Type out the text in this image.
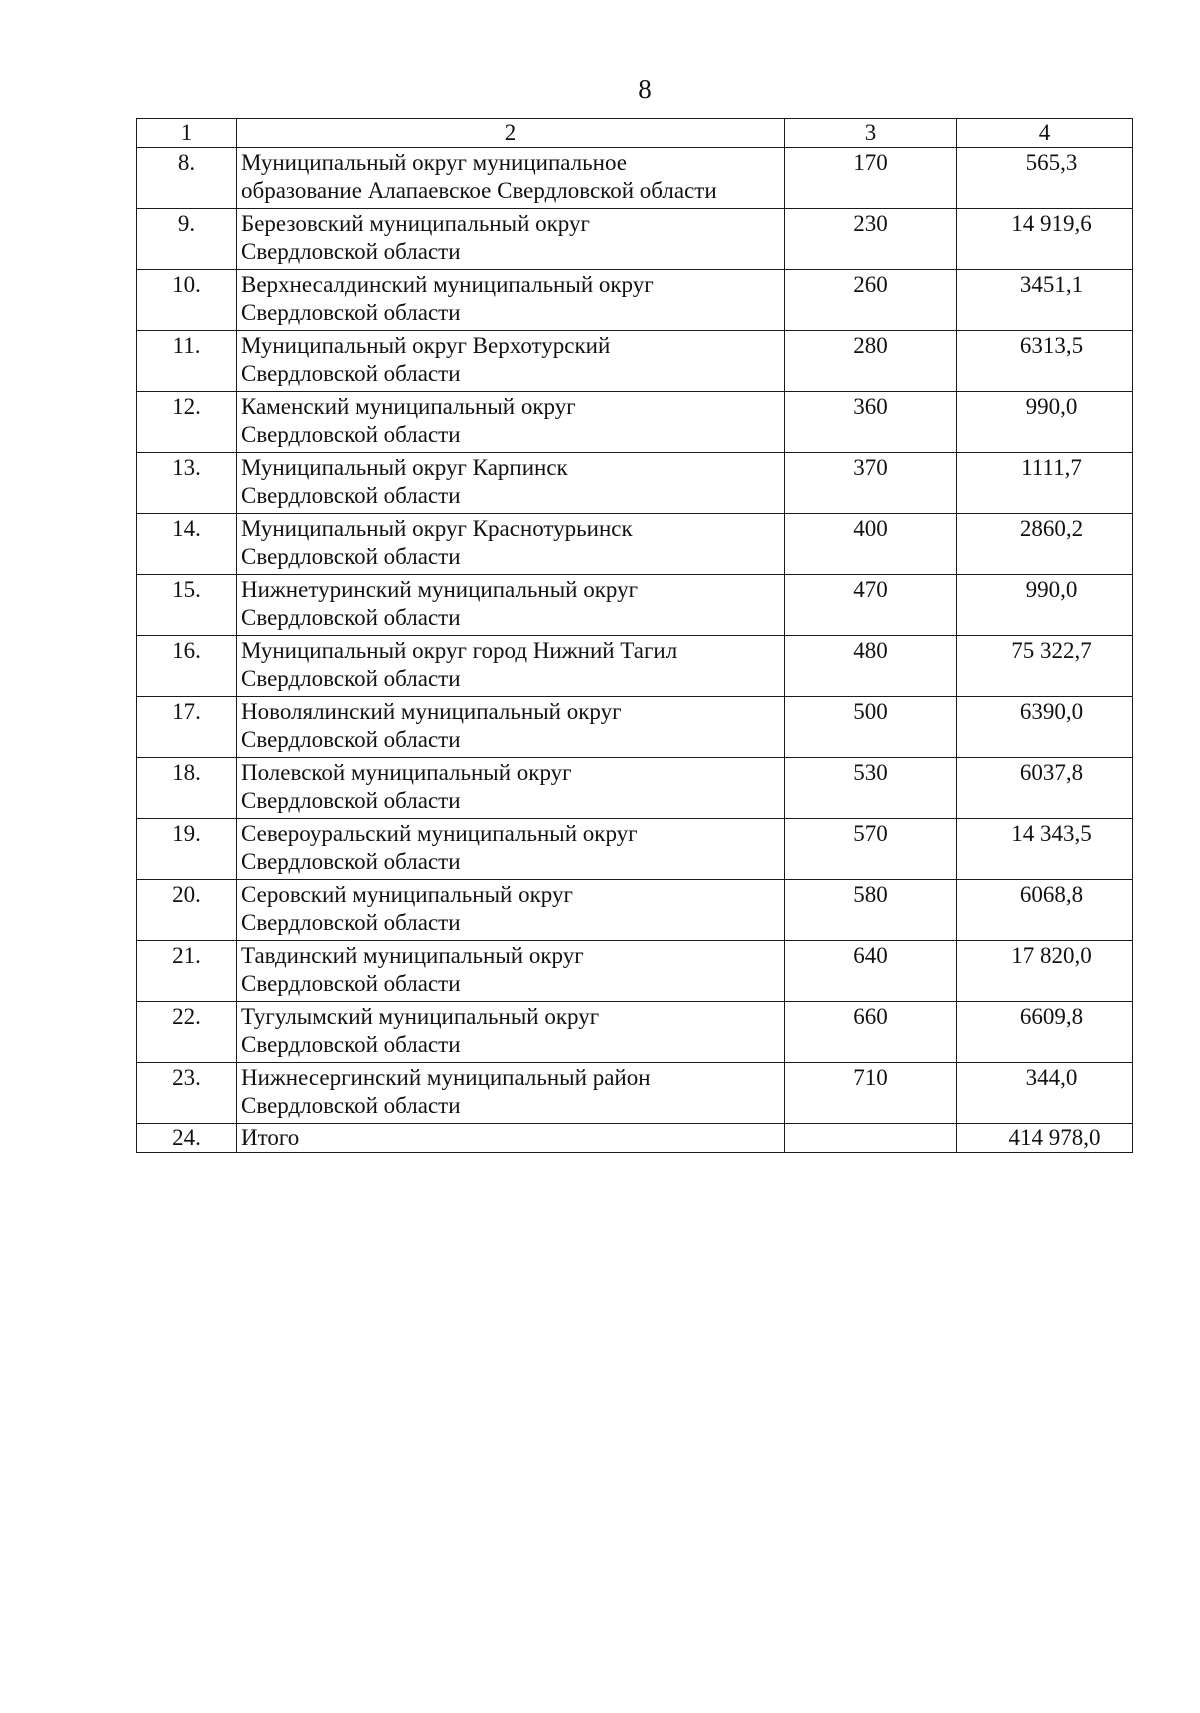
8
1	2	3	4
8.	Муниципальный округ муниципальное
образование Алапаевское Свердловской области	170	565,3
9.	Березовский муниципальный округ
Свердловской области	230	14 919,6
10.	Верхнесалдинский муниципальный округ
Свердловской области	260	3451,1
11.	Муниципальный округ Верхотурский
Свердловской области	280	6313,5
12.	Каменский муниципальный округ
Свердловской области	360	990,0
13.	Муниципальный округ Карпинск
Свердловской области	370	1111,7
14.	Муниципальный округ Краснотурьинск
Свердловской области	400	2860,2
15.	Нижнетуринский муниципальный округ
Свердловской области	470	990,0
16.	Муниципальный округ город Нижний Тагил
Свердловской области	480	75 322,7
17.	Новолялинский муниципальный округ
Свердловской области	500	6390,0
18.	Полевской муниципальный округ
Свердловской области	530	6037,8
19.	Североуральский муниципальный округ
Свердловской области	570	14 343,5
20.	Серовский муниципальный округ
Свердловской области	580	6068,8
21.	Тавдинский муниципальный округ
Свердловской области	640	17 820,0
22.	Тугулымский муниципальный округ
Свердловской области	660	6609,8
23.	Нижнесергинский муниципальный район
Свердловской области	710	344,0
24.	Итого		414 978,0
